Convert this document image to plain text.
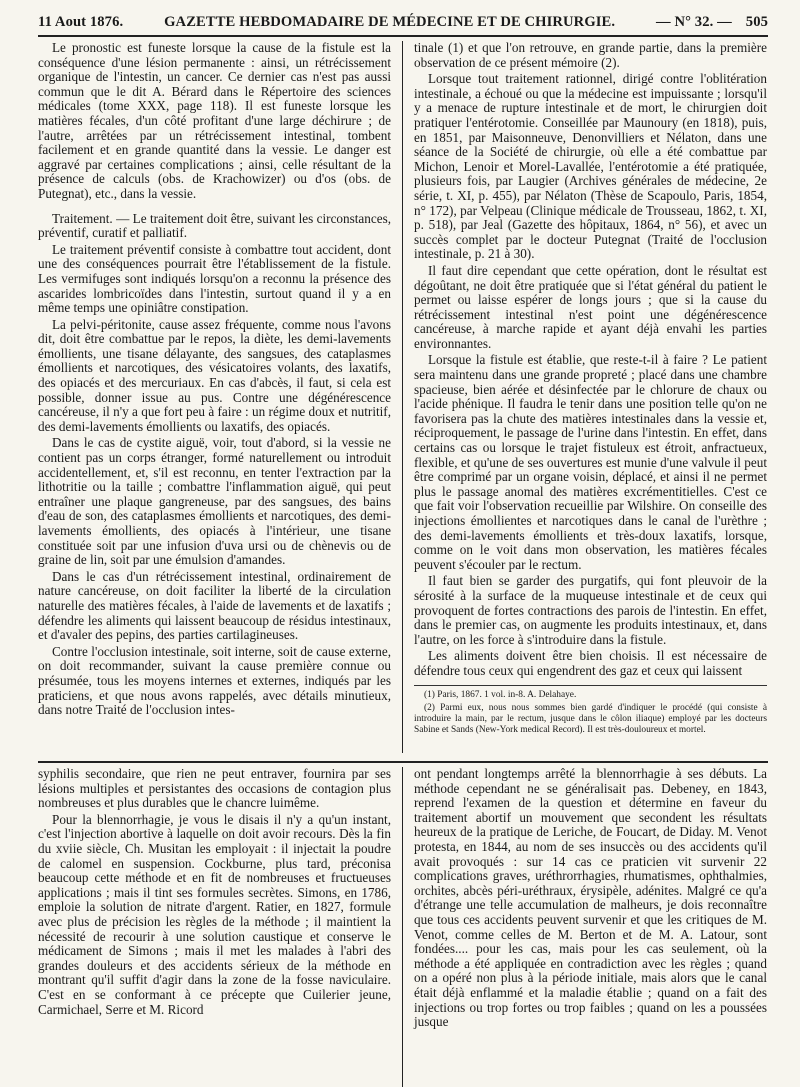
11 Aout 1876.	GAZETTE HEBDOMADAIRE DE MÉDECINE ET DE CHIRURGIE.	— N° 32. — 505

Le pronostic est funeste lorsque la cause de la fistule est la conséquence d'une lésion permanente : ainsi, un rétrécissement organique de l'intestin, un cancer. Ce dernier cas n'est pas aussi commun que le dit A. Bérard dans le Répertoire des sciences médicales (tome XXX, page 118). Il est funeste lorsque les matières fécales, d'un côté profitant d'une large déchirure ; de l'autre, arrêtées par un rétrécissement intestinal, tombent facilement et en grande quantité dans la vessie. Le danger est aggravé par certaines complications ; ainsi, celle résultant de la présence de calculs (obs. de Krachowizer) ou d'os (obs. de Putegnat), etc., dans la vessie.

Traitement. — Le traitement doit être, suivant les circonstances, préventif, curatif et palliatif.

Le traitement préventif consiste à combattre tout accident, dont une des conséquences pourrait être l'établissement de la fistule. Les vermifuges sont indiqués lorsqu'on a reconnu la présence des ascarides lombricoïdes dans l'intestin, surtout quand il y a en même temps une opiniâtre constipation.

La pelvi-péritonite, cause assez fréquente, comme nous l'avons dit, doit être combattue par le repos, la diète, les demi-lavements émollients, une tisane délayante, des sangsues, des cataplasmes émollients et narcotiques, des vésicatoires volants, des laxatifs, des opiacés et des mercuriaux. En cas d'abcès, il faut, si cela est possible, donner issue au pus. Contre une dégénérescence cancéreuse, il n'y a que fort peu à faire : un régime doux et nutritif, des demi-lavements émollients ou laxatifs, des opiacés.

Dans le cas de cystite aiguë, voir, tout d'abord, si la vessie ne contient pas un corps étranger, formé naturellement ou introduit accidentellement, et, s'il est reconnu, en tenter l'extraction par la lithotritie ou la taille ; combattre l'inflammation aiguë, qui peut entraîner une plaque gangreneuse, par des sangsues, des bains d'eau de son, des cataplasmes émollients et narcotiques, des demi-lavements émollients, des opiacés à l'intérieur, une tisane constituée soit par une infusion d'uva ursi ou de chènevis ou de graine de lin, soit par une émulsion d'amandes.

Dans le cas d'un rétrécissement intestinal, ordinairement de nature cancéreuse, on doit faciliter la liberté de la circulation naturelle des matières fécales, à l'aide de lavements et de laxatifs ; défendre les aliments qui laissent beaucoup de résidus intestinaux, et d'avaler des pepins, des parties cartilagineuses.

Contre l'occlusion intestinale, soit interne, soit de cause externe, on doit recommander, suivant la cause première connue ou présumée, tous les moyens internes et externes, indiqués par les praticiens, et que nous avons rappelés, avec détails minutieux, dans notre Traité de l'occlusion intes-

tinale (1) et que l'on retrouve, en grande partie, dans la première observation de ce présent mémoire (2).

Lorsque tout traitement rationnel, dirigé contre l'oblitération intestinale, a échoué ou que la médecine est impuissante ; lorsqu'il y a menace de rupture intestinale et de mort, le chirurgien doit pratiquer l'entérotomie. Conseillée par Maunoury (en 1818), puis, en 1851, par Maisonneuve, Denonvilliers et Nélaton, dans une séance de la Société de chirurgie, où elle a été combattue par Michon, Lenoir et Morel-Lavallée, l'entérotomie a été pratiquée, plusieurs fois, par Laugier (Archives générales de médecine, 2e série, t. XI, p. 455), par Nélaton (Thèse de Scapoulo, Paris, 1854, n° 172), par Velpeau (Clinique médicale de Trousseau, 1862, t. XI, p. 518), par Jeal (Gazette des hôpitaux, 1864, n° 56), et avec un succès complet par le docteur Putegnat (Traité de l'occlusion intestinale, p. 21 à 30).

Il faut dire cependant que cette opération, dont le résultat est dégoûtant, ne doit être pratiquée que si l'état général du patient le permet ou laisse espérer de longs jours ; que si la cause du rétrécissement intestinal n'est point une dégénérescence cancéreuse, à marche rapide et ayant déjà envahi les parties environnantes.

Lorsque la fistule est établie, que reste-t-il à faire ? Le patient sera maintenu dans une grande propreté ; placé dans une chambre spacieuse, bien aérée et désinfectée par le chlorure de chaux ou l'acide phénique. Il faudra le tenir dans une position telle qu'on ne favorisera pas la chute des matières intestinales dans la vessie et, réciproquement, le passage de l'urine dans l'intestin. En effet, dans certains cas ou lorsque le trajet fistuleux est étroit, anfractueux, flexible, et qu'une de ses ouvertures est munie d'une valvule il peut être comprimé par un organe voisin, déplacé, et ainsi il ne permet plus le passage anomal des matières excrémentitielles. C'est ce que fait voir l'observation recueillie par Wilshire. On conseille des injections émollientes et narcotiques dans le canal de l'urèthre ; des demi-lavements émollients et très-doux laxatifs, lorsque, comme on le voit dans mon observation, les matières fécales peuvent s'écouler par le rectum.

Il faut bien se garder des purgatifs, qui font pleuvoir de la sérosité à la surface de la muqueuse intestinale et de ceux qui provoquent de fortes contractions des parois de l'intestin. En effet, dans le premier cas, on augmente les produits intestinaux, et, dans l'autre, on les force à s'introduire dans la fistule.

Les aliments doivent être bien choisis. Il est nécessaire de défendre tous ceux qui engendrent des gaz et ceux qui laissent

(1) Paris, 1867. 1 vol. in-8. A. Delahaye.

(2) Parmi eux, nous nous sommes bien gardé d'indiquer le procédé (qui consiste à introduire la main, par le rectum, jusque dans le côlon iliaque) employé par les docteurs Sabine et Sands (New-York medical Record). Il est très-douloureux et mortel.

syphilis secondaire, que rien ne peut entraver, fournira par ses lésions multiples et persistantes des occasions de contagion plus nombreuses et plus durables que le chancre luimême.

Pour la blennorrhagie, je vous le disais il n'y a qu'un instant, c'est l'injection abortive à laquelle on doit avoir recours. Dès la fin du xviie siècle, Ch. Musitan les employait : il injectait la poudre de calomel en suspension. Cockburne, plus tard, préconisa beaucoup cette méthode et en fit de nombreuses et fructueuses applications ; mais il tint ses formules secrètes. Simons, en 1786, emploie la solution de nitrate d'argent. Ratier, en 1827, formule avec plus de précision les règles de la méthode ; il maintient la nécessité de recourir à une solution caustique et conserve le médicament de Simons ; mais il met les malades à l'abri des grandes douleurs et des accidents sérieux de la méthode en montrant qu'il suffit d'agir dans la zone de la fosse naviculaire. C'est en se conformant à ce précepte que Cuilerier jeune, Carmichael, Serre et M. Ricord

ont pendant longtemps arrêté la blennorrhagie à ses débuts. La méthode cependant ne se généralisait pas. Debeney, en 1843, reprend l'examen de la question et détermine en faveur du traitement abortif un mouvement que secondent les résultats heureux de la pratique de Leriche, de Foucart, de Diday. M. Venot protesta, en 1844, au nom de ses insuccès ou des accidents qu'il avait provoqués : sur 14 cas ce praticien vit survenir 22 complications graves, uréthrorrhagies, rhumatismes, ophthalmies, orchites, abcès péri-uréthraux, érysipèle, adénites. Malgré ce qu'a d'étrange une telle accumulation de malheurs, je dois reconnaître que tous ces accidents peuvent survenir et que les critiques de M. Venot, comme celles de M. Berton et de M. A. Latour, sont fondées.... pour les cas, mais pour les cas seulement, où la méthode a été appliquée en contradiction avec les règles ; quand on a opéré non plus à la période initiale, mais alors que le canal était déjà enflammé et la maladie établie ; quand on a fait des injections ou trop fortes ou trop faibles ; quand on les a poussées jusque
